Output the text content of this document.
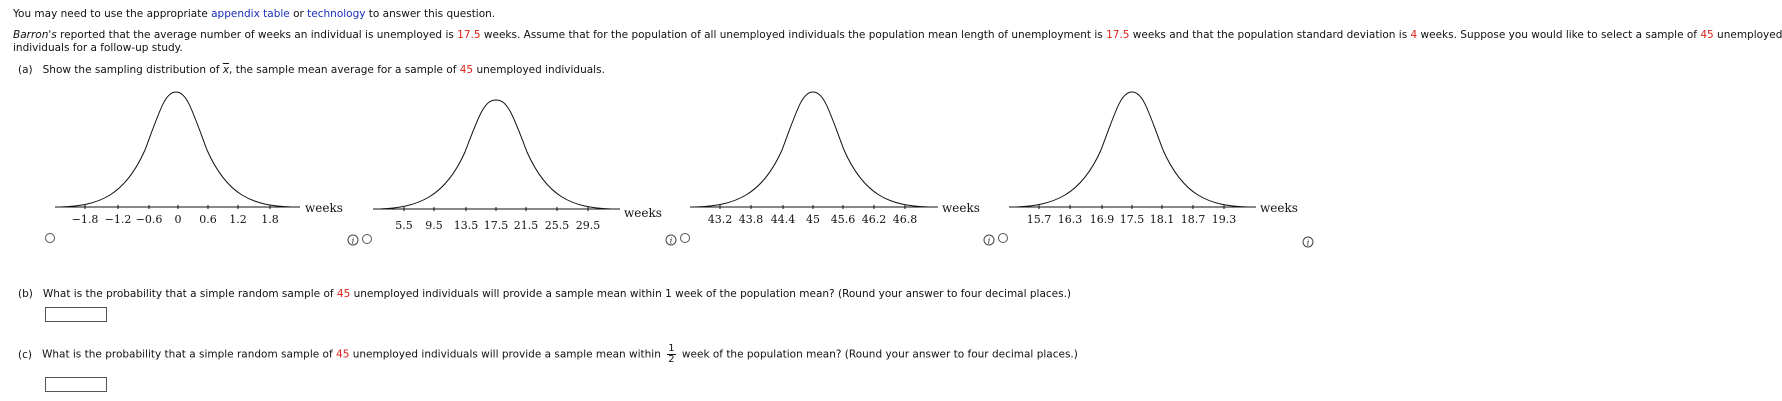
You may need to use the appropriate appendix table or technology to answer this question.
Barron's reported that the average number of weeks an individual is unemployed is 17.5 weeks. Assume that for the population of all unemployed individuals the population mean length of unemployment is 17.5 weeks and that the population standard deviation is 4 weeks. Suppose you would like to select a sample of 45 unemployed
individuals for a follow-up study.
(a) Show the sampling distribution of $\overline{x}$, the sample mean average for a sample of 45 unemployed individuals.
−1.8 −1.2 −0.6 0 0.6 1.2 1.8
weeks
5.5 9.5 13.5 17.5 21.5 25.5 29.5
weeks	43.2 43.8 44.4 45 45.6 46.2 46.8
weeks
15.7 16.3 16.9 17.5 18.1 18.7 19.3
weeks
i	i	i	i
(b) What is the probability that a simple random sample of 45 unemployed individuals will provide a sample mean within 1 week of the population mean? (Round your answer to four decimal places.)
(c) What is the probability that a simple random sample of 45 unemployed individuals will provide a sample mean within $\frac{1}{2}$ week of the population mean? (Round your answer to four decimal places.)
